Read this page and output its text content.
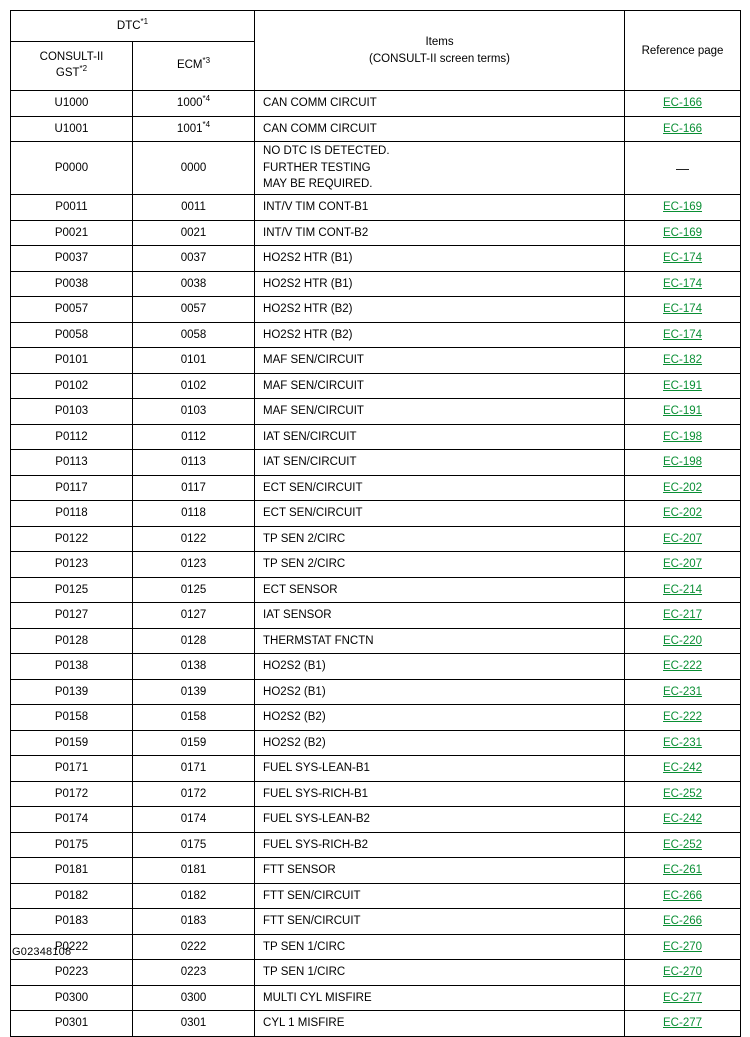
DTC$^{*1}$		Items
(CONSULT-II screen terms)	Reference page

CONSULT-II
GST$^{*2}$	ECM$^{*3}$
U1000	1000$^{*4}$	CAN COMM CIRCUIT	EC-166
U1001	1001$^{*4}$	CAN COMM CIRCUIT	EC-166
P0000	0000	NO DTC IS DETECTED.
FURTHER TESTING
MAY BE REQUIRED.	—
P0011	0011	INT/V TIM CONT-B1	EC-169
P0021	0021	INT/V TIM CONT-B2	EC-169
P0037	0037	HO2S2 HTR (B1)	EC-174
P0038	0038	HO2S2 HTR (B1)	EC-174
P0057	0057	HO2S2 HTR (B2)	EC-174
P0058	0058	HO2S2 HTR (B2)	EC-174
P0101	0101	MAF SEN/CIRCUIT	EC-182
P0102	0102	MAF SEN/CIRCUIT	EC-191
P0103	0103	MAF SEN/CIRCUIT	EC-191
P0112	0112	IAT SEN/CIRCUIT	EC-198
P0113	0113	IAT SEN/CIRCUIT	EC-198
P0117	0117	ECT SEN/CIRCUIT	EC-202
P0118	0118	ECT SEN/CIRCUIT	EC-202
P0122	0122	TP SEN 2/CIRC	EC-207
P0123	0123	TP SEN 2/CIRC	EC-207
P0125	0125	ECT SENSOR	EC-214
P0127	0127	IAT SENSOR	EC-217
P0128	0128	THERMSTAT FNCTN	EC-220
P0138	0138	HO2S2 (B1)	EC-222
P0139	0139	HO2S2 (B1)	EC-231
P0158	0158	HO2S2 (B2)	EC-222
P0159	0159	HO2S2 (B2)	EC-231
P0171	0171	FUEL SYS-LEAN-B1	EC-242
P0172	0172	FUEL SYS-RICH-B1	EC-252
P0174	0174	FUEL SYS-LEAN-B2	EC-242
P0175	0175	FUEL SYS-RICH-B2	EC-252
P0181	0181	FTT SENSOR	EC-261
P0182	0182	FTT SEN/CIRCUIT	EC-266
P0183	0183	FTT SEN/CIRCUIT	EC-266
P0222	0222	TP SEN 1/CIRC	EC-270
P0223	0223	TP SEN 1/CIRC	EC-270
P0300	0300	MULTI CYL MISFIRE	EC-277
P0301	0301	CYL 1 MISFIRE	EC-277
G02348108
